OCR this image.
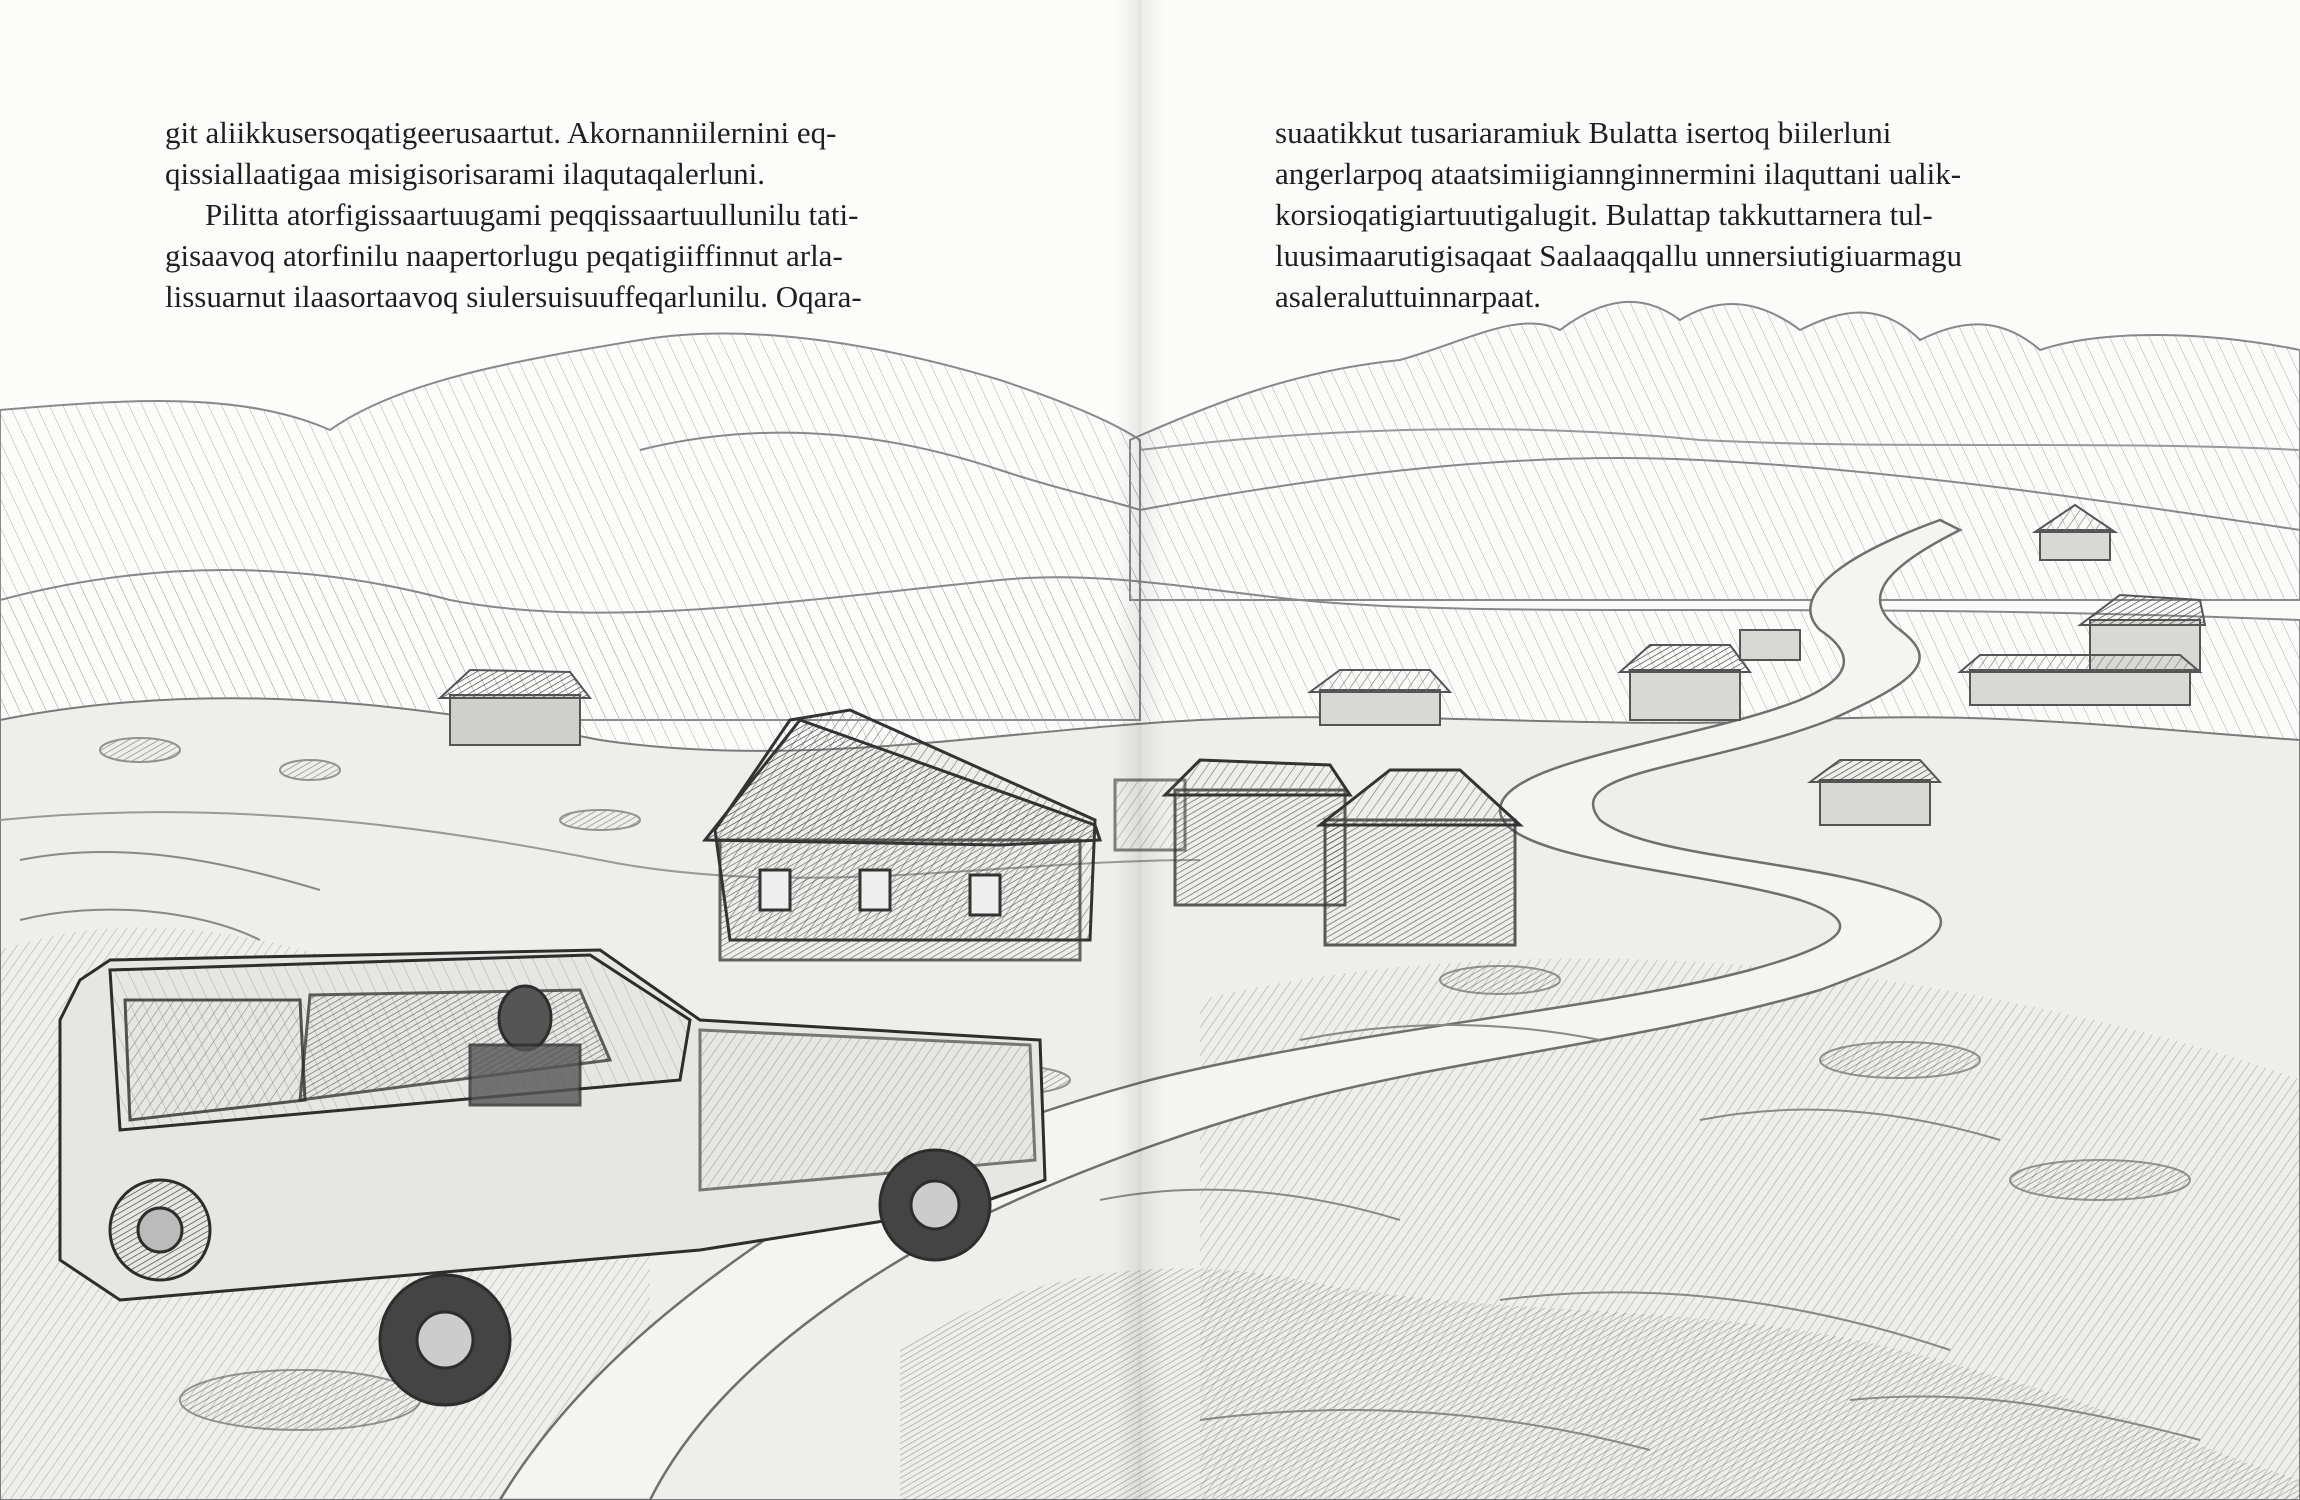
git aliikkusersoqatigeerusaartut. Akornanniilernini eq-
qissiallaatigaa misigisorisarami ilaqutaqalerluni.
Pilitta atorfigissaartuugami peqqissaartuullunilu tati-
gisaavoq atorfinilu naapertorlugu peqatigiiffinnut arla-
lissuarnut ilaasortaavoq siulersuisuuffeqarlunilu. Oqara-
suaatikkut tusariaramiuk Bulatta isertoq biilerluni
angerlarpoq ataatsimiigiannginnermini ilaquttani ualik-
korsioqatigiartuutigalugit. Bulattap takkuttarnera tul-
luusimaarutigisaqaat Saalaaqqallu unnersiutigiuarmagu
asaleraluttuinnarpaat.
